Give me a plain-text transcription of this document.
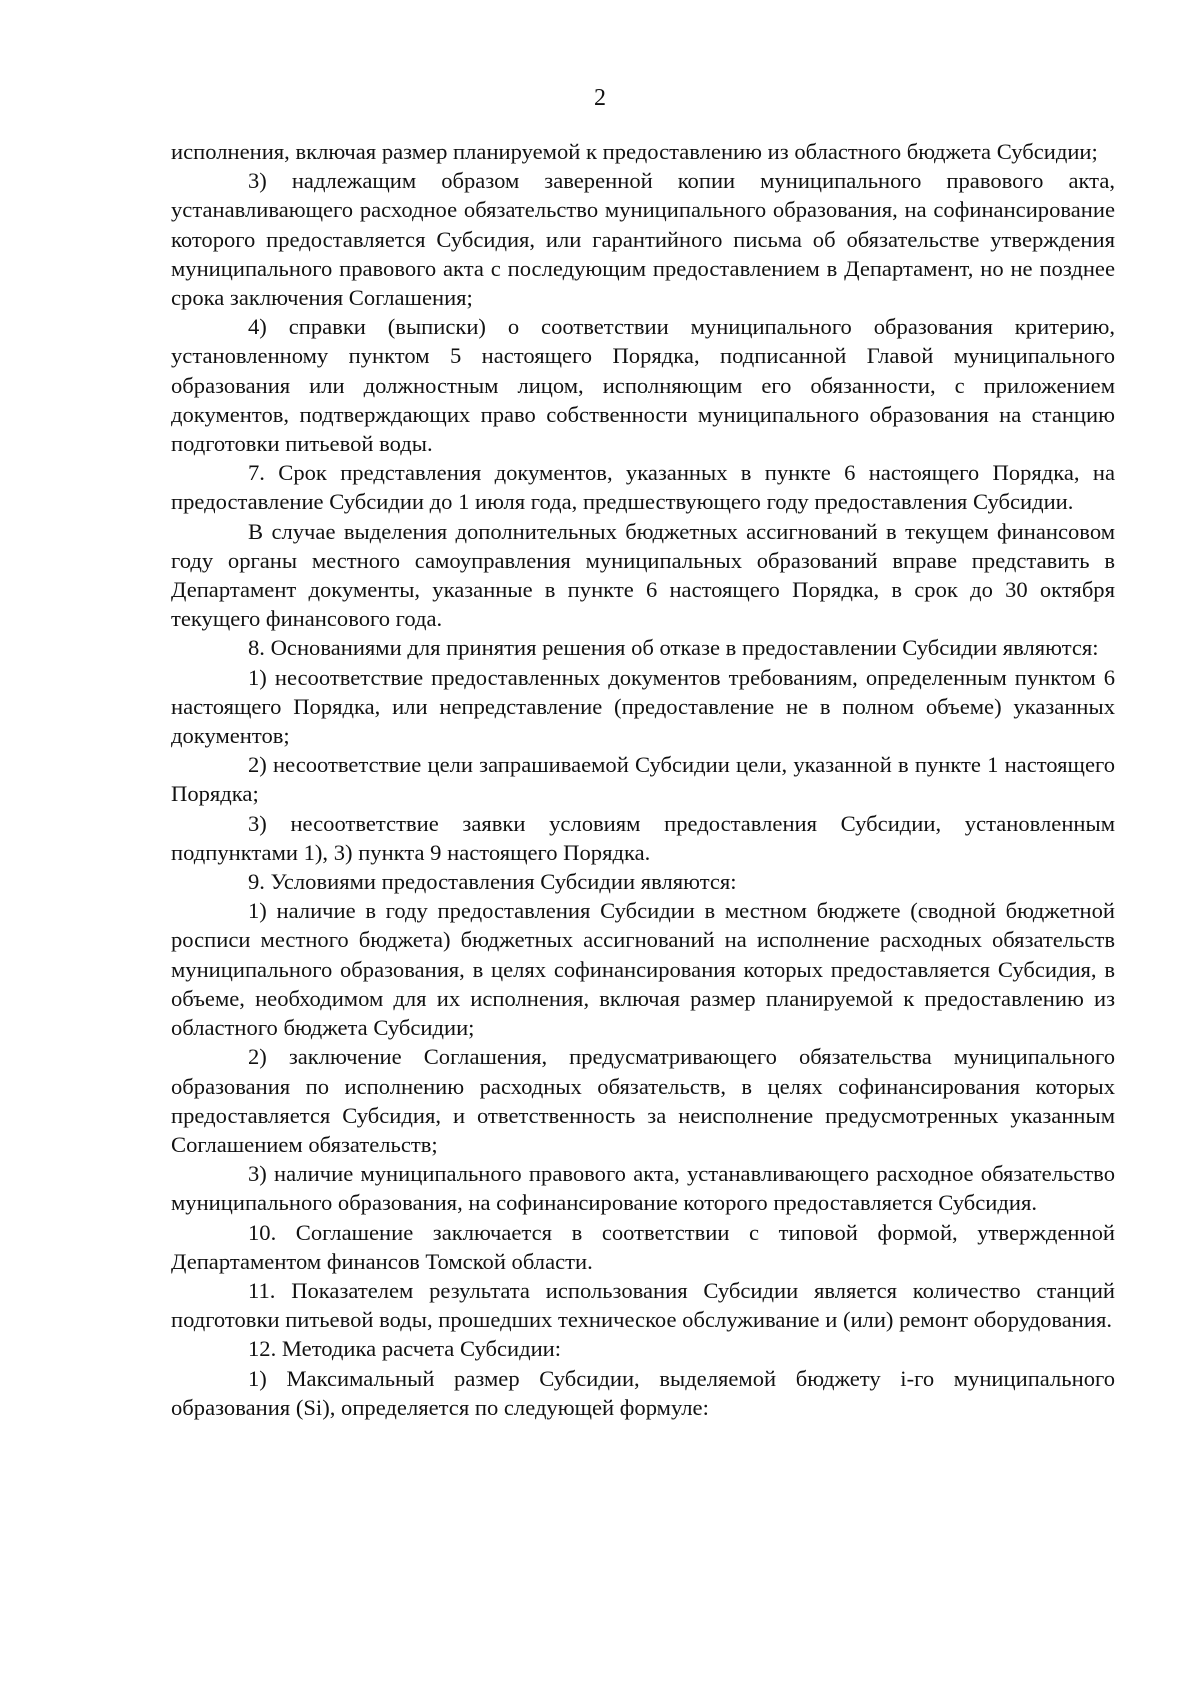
2

исполнения, включая размер планируемой к предоставлению из областного бюджета Субсидии;

3) надлежащим образом заверенной копии муниципального правового акта, устанавливающего расходное обязательство муниципального образования, на софинансирование которого предоставляется Субсидия, или гарантийного письма об обязательстве утверждения муниципального правового акта с последующим предоставлением в Департамент, но не позднее срока заключения Соглашения;

4) справки (выписки) о соответствии муниципального образования критерию, установленному пунктом 5 настоящего Порядка, подписанной Главой муниципального образования или должностным лицом, исполняющим его обязанности, с приложением документов, подтверждающих право собственности муниципального образования на станцию подготовки питьевой воды.

7. Срок представления документов, указанных в пункте 6 настоящего Порядка, на предоставление Субсидии до 1 июля года, предшествующего году предоставления Субсидии.

В случае выделения дополнительных бюджетных ассигнований в текущем финансовом году органы местного самоуправления муниципальных образований вправе представить в Департамент документы, указанные в пункте 6 настоящего Порядка, в срок до 30 октября текущего финансового года.

8. Основаниями для принятия решения об отказе в предоставлении Субсидии являются:

1) несоответствие предоставленных документов требованиям, определенным пунктом 6 настоящего Порядка, или непредставление (предоставление не в полном объеме) указанных документов;

2) несоответствие цели запрашиваемой Субсидии цели, указанной в пункте 1 настоящего Порядка;

3) несоответствие заявки условиям предоставления Субсидии, установленным подпунктами 1), 3) пункта 9 настоящего Порядка.

9. Условиями предоставления Субсидии являются:

1) наличие в году предоставления Субсидии в местном бюджете (сводной бюджетной росписи местного бюджета) бюджетных ассигнований на исполнение расходных обязательств муниципального образования, в целях софинансирования которых предоставляется Субсидия, в объеме, необходимом для их исполнения, включая размер планируемой к предоставлению из областного бюджета Субсидии;

2) заключение Соглашения, предусматривающего обязательства муниципального образования по исполнению расходных обязательств, в целях софинансирования которых предоставляется Субсидия, и ответственность за неисполнение предусмотренных указанным Соглашением обязательств;

3) наличие муниципального правового акта, устанавливающего расходное обязательство муниципального образования, на софинансирование которого предоставляется Субсидия.

10. Соглашение заключается в соответствии с типовой формой, утвержденной Департаментом финансов Томской области.

11. Показателем результата использования Субсидии является количество станций подготовки питьевой воды, прошедших техническое обслуживание и (или) ремонт оборудования.

12. Методика расчета Субсидии:

1) Максимальный размер Субсидии, выделяемой бюджету i-го муниципального образования (Si), определяется по следующей формуле:
